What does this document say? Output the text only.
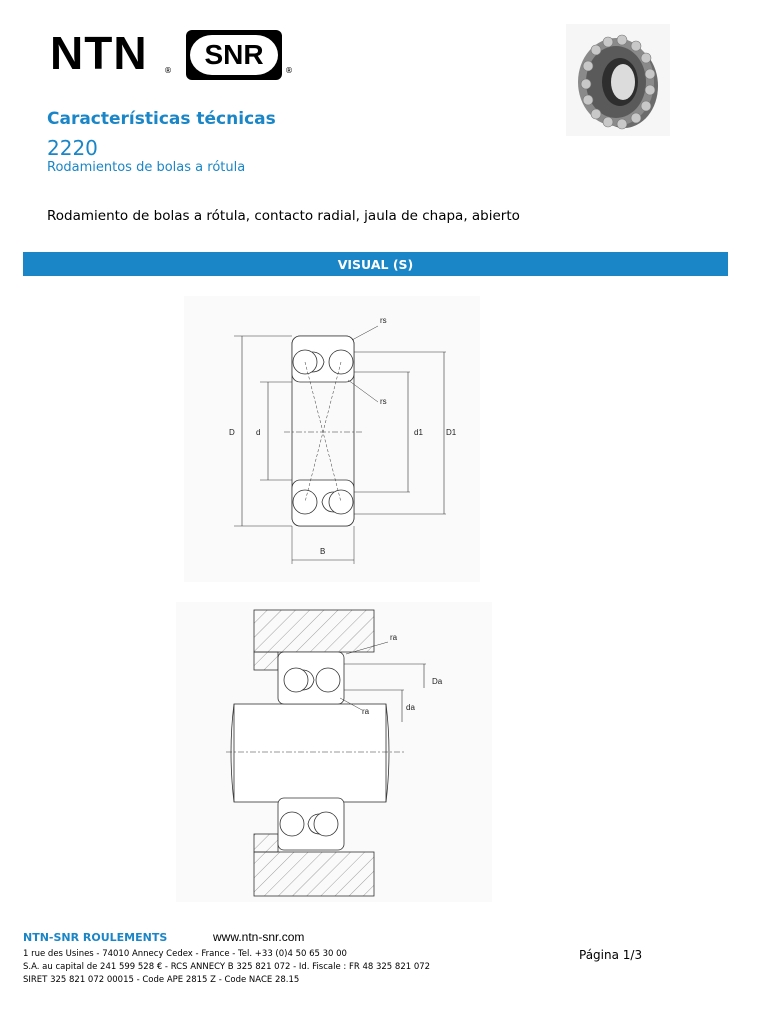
NTN ®
SNR
®
Características técnicas
2220
Rodamientos de bolas a rótula
Rodamiento de bolas a rótula, contacto radial, jaula de chapa, abierto
VISUAL (S)
rs
rs
D	d	d1	D1
B
ra
ra
Da
da
NTN-SNR ROULEMENTS	www.ntn-snr.com
1 rue des Usines - 74010 Annecy Cedex - France - Tel. +33 (0)4 50 65 30 00
S.A. au capital de 241 599 528 € - RCS ANNECY B 325 821 072 - Id. Fiscale : FR 48 325 821 072
SIRET 325 821 072 00015 - Code APE 2815 Z - Code NACE 28.15
Página 1/3
